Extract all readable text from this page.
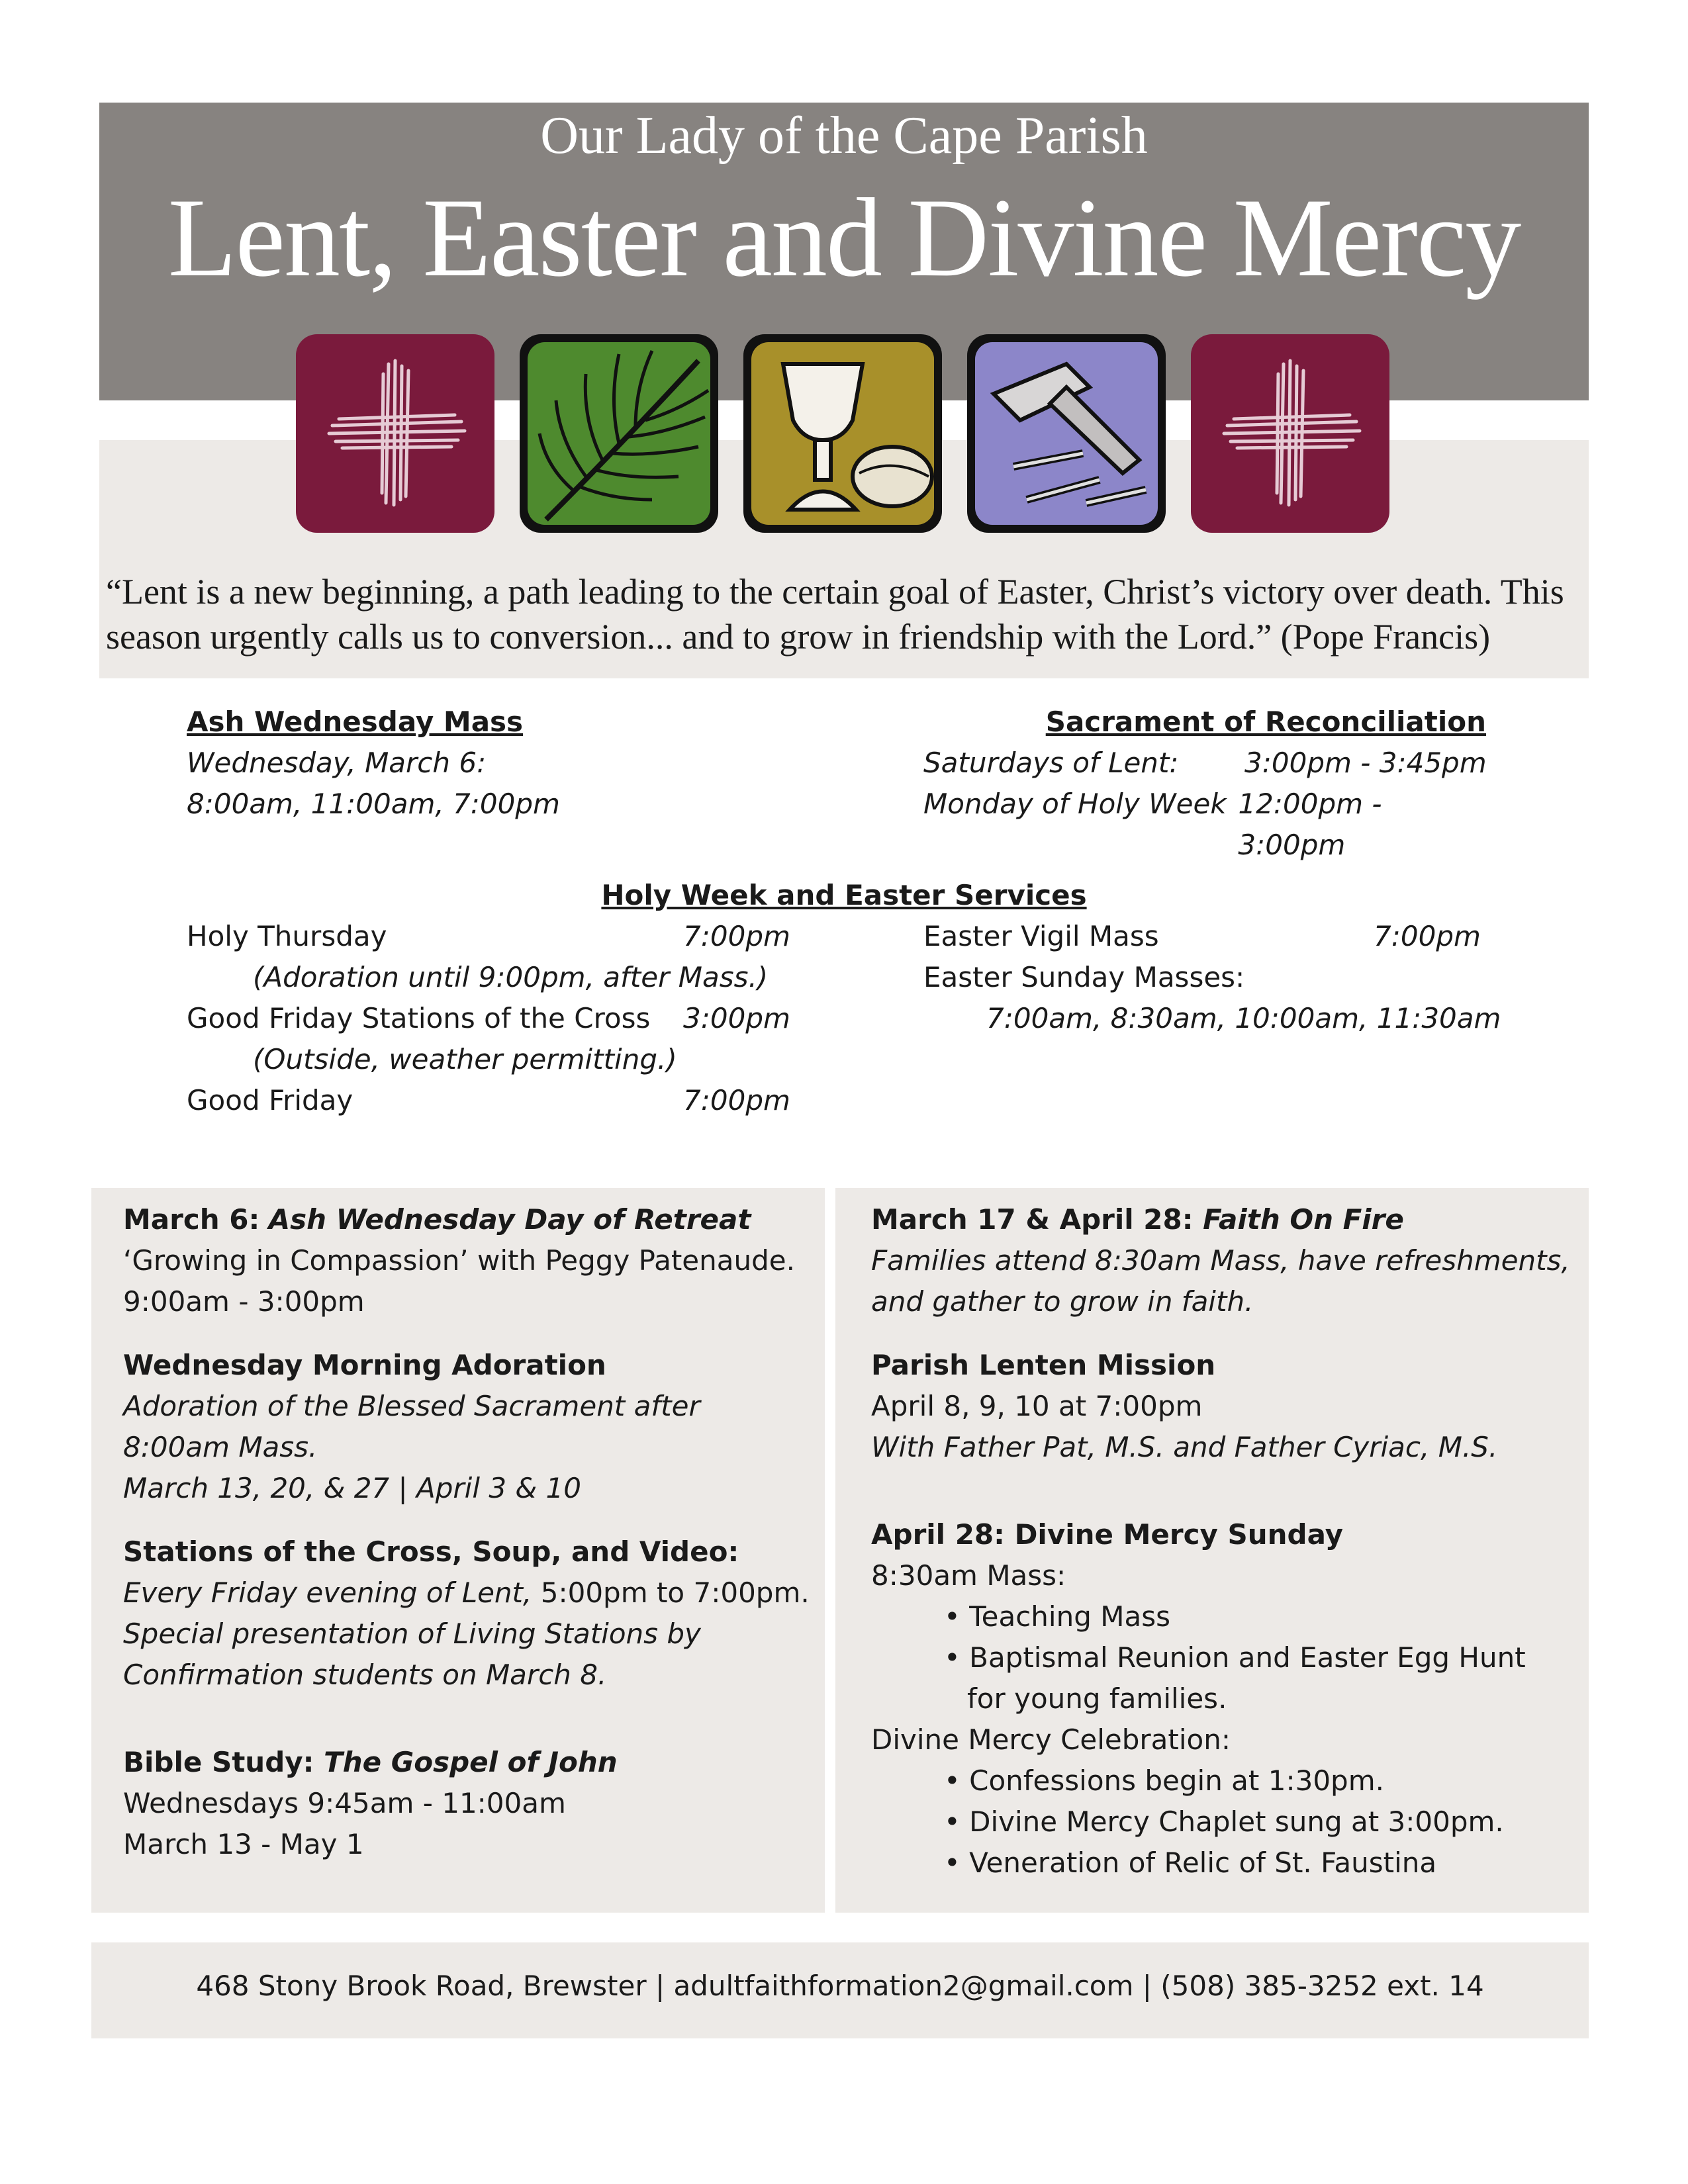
Our Lady of the Cape Parish
Lent, Easter and Divine Mercy
“Lent is a new beginning, a path leading to the certain goal of Easter, Christ’s victory over death. This season urgently calls us to conversion... and to grow in friendship with the Lord.” (Pope Francis)
Ash Wednesday Mass
Wednesday, March 6:
8:00am, 11:00am, 7:00pm
Sacrament of Reconciliation
Saturdays of Lent:	3:00pm - 3:45pm
Monday of Holy Week 12:00pm - 3:00pm
Holy Week and Easter Services
Holy Thursday	7:00pm
(Adoration until 9:00pm, after Mass.)
Good Friday Stations of the Cross	3:00pm
(Outside, weather permitting.)
Good Friday	7:00pm
Easter Vigil Mass	7:00pm
Easter Sunday Masses:
7:00am, 8:30am, 10:00am, 11:30am
March 6: Ash Wednesday Day of Retreat
‘Growing in Compassion’ with Peggy Patenaude.
9:00am - 3:00pm
Wednesday Morning Adoration
Adoration of the Blessed Sacrament after
8:00am Mass.
March 13, 20, & 27 | April 3 & 10
Stations of the Cross, Soup, and Video:
Every Friday evening of Lent, 5:00pm to 7:00pm.
Special presentation of Living Stations by
Confirmation students on March 8.
Bible Study: The Gospel of John
Wednesdays 9:45am - 11:00am
March 13 - May 1
March 17 & April 28: Faith On Fire
Families attend 8:30am Mass, have refreshments,
and gather to grow in faith.
Parish Lenten Mission
April 8, 9, 10 at 7:00pm
With Father Pat, M.S. and Father Cyriac, M.S.
April 28: Divine Mercy Sunday
8:30am Mass:
• Teaching Mass
• Baptismal Reunion and Easter Egg Hunt
for young families.
Divine Mercy Celebration:
• Confessions begin at 1:30pm.
• Divine Mercy Chaplet sung at 3:00pm.
• Veneration of Relic of St. Faustina
468 Stony Brook Road, Brewster | adultfaithformation2@gmail.com | (508) 385-3252 ext. 14
